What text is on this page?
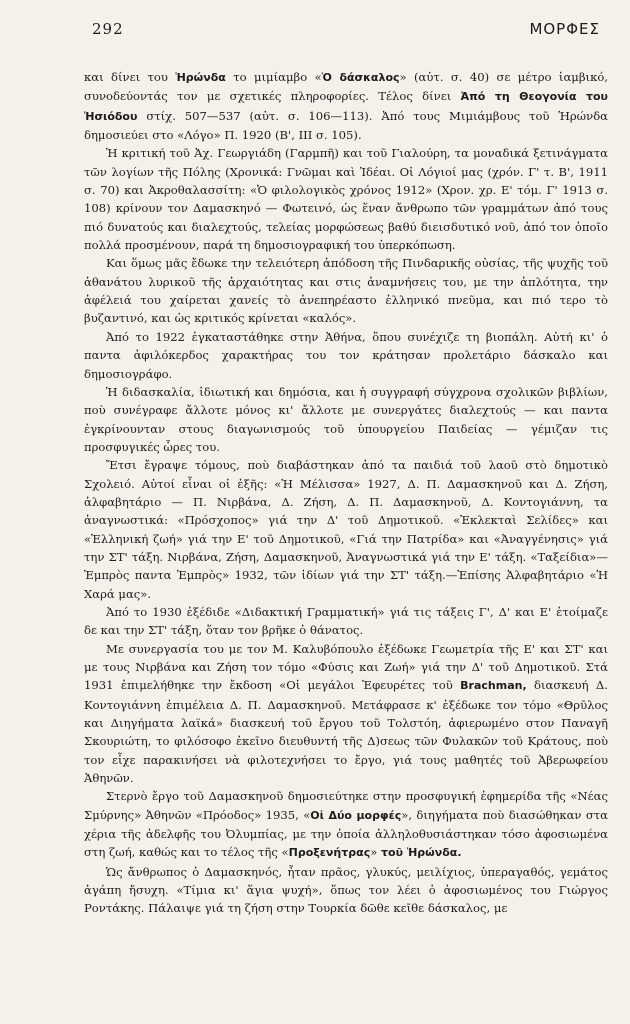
292	ΜΟΡΦΕΣ

και δίνει του Ἡρώνδα το μιμίαμβο «Ὁ δάσκαλος» (αὐτ. σ. 40) σε μέτρο ἰαμβικό, συνοδεύοντάς τον με σχετικές πληροφορίες. Τέλος δίνει Ἀπό τη Θεογονία του Ἡσιόδου στίχ. 507—537 (αὐτ. σ. 106—113). Ἀπό τους Μιμιάμβους τοῦ Ἡρώνδα δημοσιεύει στο «Λόγο» Π. 1920 (Β', ΙΙΙ σ. 105).

Ἡ κριτική τοῦ Ἀχ. Γεωργιάδη (Γαρμπῆ) και τοῦ Γιαλούρη, τα μοναδικά ξετινάγματα τῶν λογίων τῆς Πόλης (Χρονικά: Γνῶμαι καὶ Ἰδέαι. Οἱ Λόγιοί μας (χρόν. Γ' τ. Β', 1911 σ. 70) και Ἀκροθαλασσίτη: «Ὁ φιλολογικὸς χρόνος 1912» (Χρον. χρ. Ε' τόμ. Γ' 1913 σ. 108) κρίνουν τον Δαμασκηνό — Φωτεινό, ὡς ἕναν ἄνθρωπο τῶν γραμμάτων ἀπό τους πιό δυνατούς και διαλεχτούς, τελείας μορφώσεως βαθύ διεισδυτικό νοῦ, ἀπό τον ὁποῖο πολλά προσμένουν, παρά τη δημοσιογραφική του ὑπερκόπωση.

Και ὅμως μᾶς ἔδωκε την τελειότερη ἀπόδοση τῆς Πινδαρικῆς οὐσίας, τῆς ψυχῆς τοῦ ἀθανάτου λυρικοῦ τῆς ἀρχαιότητας και στις ἀναμνήσεις του, με την ἀπλότητα, την ἀφέλειά του χαίρεται χανείς τὸ ἀνεπηρέαστο ἑλληνικό πνεῦμα, και πιό τερο τὸ βυζαντινό, και ὡς κριτικός κρίνεται «καλός».

Ἀπό το 1922 ἐγκαταστάθηκε στην Ἀθήνα, ὅπου συνέχιζε τη βιοπάλη. Αὐτή κι' ὁ παντα ἀφιλόκερδος χαρακτήρας του τον κράτησαν προλετάριο δάσκαλο και δημοσιογράφο.

Ἡ διδασκαλία, ἰδιωτική και δημόσια, και ἡ συγγραφή σύγχρονα σχολικῶν βιβλίων, ποὺ συνέγραφε ἄλλοτε μόνος κι' ἄλλοτε με συνεργάτες διαλεχτούς — και παντα ἐγκρίνουνταν στους διαγωνισμούς τοῦ ὑπουργείου Παιδείας — γέμιζαν τις προσφυγικές ὧρες του.

Ἔτσι ἔγραψε τόμους, ποὺ διαβάστηκαν ἀπό τα παιδιά τοῦ λαοῦ στὸ δημοτικὸ Σχολειό. Αὐτοί εἶναι οἱ ἑξῆς: «Ἡ Μέλισσα» 1927, Δ. Π. Δαμασκηνοῦ και Δ. Ζήση, ἀλφαβητάριο — Π. Νιρβάνα, Δ. Ζήση, Δ. Π. Δαμασκηνοῦ, Δ. Κοντογιάννη, τα ἀναγνωστικά: «Πρόσχοπος» γιά την Δ' τοῦ Δημοτικοῦ. «Ἐκλεκταὶ Σελίδες» και «Ἑλληνική ζωή» γιά την Ε' τοῦ Δημοτικοῦ, «Γιά την Πατρίδα» και «Ἀναγγένησις» γιά την ΣΤ' τάξη. Νιρβάνα, Ζήση, Δαμασκηνοῦ, Ἀναγνωστικά γιά την Ε' τάξη. «Ταξείδια»—Ἐμπρὸς παντα Ἐμπρὸς» 1932, τῶν ἰδίων γιά την ΣΤ' τάξη.—Ἐπίσης Ἀλφαβητάριο «Ἡ Χαρά μας».

Ἀπό το 1930 ἐξέδιδε «Διδακτική Γραμματική» γιά τις τάξεις Γ', Δ' και Ε' ἑτοίμαζε δε και την ΣΤ' τάξη, ὅταν τον βρῆκε ὁ θάνατος.

Με συνεργασία του με τον Μ. Καλυβόπουλο ἐξέδωκε Γεωμετρία τῆς Ε' και ΣΤ' και με τους Νιρβάνα και Ζήση τον τόμο «Φύσις και Ζωή» γιά την Δ' τοῦ Δημοτικοῦ. Στά 1931 ἐπιμελήθηκε την ἔκδοση «Οἱ μεγάλοι Ἐφευρέτες τοῦ Brachman, διασκευή Δ. Κοντογιάννη ἐπιμέλεια Δ. Π. Δαμασκηνοῦ. Μετάφρασε κ' ἐξέδωκε τον τόμο «Θρῦλος και Διηγήματα λαϊκά» διασκευή τοῦ ἔργου τοῦ Τολστόη, ἀφιερωμένο στον Παναγῆ Σκουριώτη, το φιλόσοφο ἐκεῖνο διευθυντή τῆς Δ)σεως τῶν Φυλακῶν τοῦ Κράτους, ποὺ τον εἶχε παρακινήσει νὰ φιλοτεχνήσει το ἔργο, γιά τους μαθητές τοῦ Ἀβερωφείου Ἀθηνῶν.

Στερνὸ ἔργο τοῦ Δαμασκηνοῦ δημοσιεύτηκε στην προσφυγική ἐφημερίδα τῆς «Νέας Σμύρνης» Ἀθηνῶν «Πρόοδος» 1935, «Οἱ Δύο μορφές», διηγήματα ποὺ διασώθηκαν στα χέρια τῆς ἀδελφῆς του Ὀλυμπίας, με την ὁποία ἀλληλοθυσιάστηκαν τόσο ἀφοσιωμένα στη ζωή, καθώς και το τέλος τῆς «Προξενήτρας» τοῦ Ἡρώνδα.

Ὡς ἄνθρωπος ὁ Δαμασκηνός, ἦταν πρᾶος, γλυκύς, μειλίχιος, ὑπεραγαθός, γεμάτος ἀγάπη ἤσυχη. «Τίμια κι' ἅγια ψυχή», ὅπως τον λέει ὁ ἀφοσιωμένος του Γιώργος Ροντάκης. Πάλαιψε γιά τη ζήση στην Τουρκία δῶθε κεῖθε δάσκαλος, με
